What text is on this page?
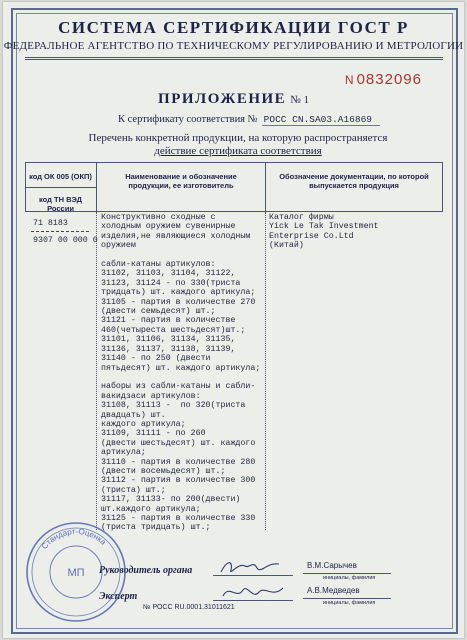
СИСТЕМА СЕРТИФИКАЦИИ ГОСТ Р
ФЕДЕРАЛЬНОЕ АГЕНТСТВО ПО ТЕХНИЧЕСКОМУ РЕГУЛИРОВАНИЮ И МЕТРОЛОГИИ
N 0832096
ПРИЛОЖЕНИЕ № 1
К сертификату соответствия № РОСС CN.SA03.A16869
Перечень конкретной продукции, на которую распространяется
действие сертификата соответствия
код ОК 005 (ОКП)
код ТН ВЭД России
Наименование и обозначение продукции, ее изготовитель
Обозначение документации, по которой выпускается продукция
71 8183
9307 00 000 0
Конструктивно сходные с
холодным оружием сувенирные
изделия,не являющиеся холодным
оружием

сабли-катаны артикулов:
31102, 31103, 31104, 31122,
31123, 31124 - по 330(триста
тридцать) шт. каждого артикула;
31105 - партия в количестве 270
(двести семьдесят) шт.;
31121 - партия в количестве
460(четыреста шестьдесят)шт.;
31101, 31106, 31134, 31135,
31136, 31137, 31138, 31139,
31140 - по 250 (двести
пятьдесят) шт. каждого артикула;

наборы из сабли-катаны и сабли-
вакидзаси артикулов:
31108, 31113 -  по 320(триста
двадцать) шт.
каждого артикула;
31109, 31111 - по 260
(двести шестьдесят) шт. каждого
артикула;
31110 - партия в количестве 280
(двести восемьдесят) шт.;
31112 - партия в количестве 300
(триста) шт.;
31117, 31133- по 200(двести)
шт.каждого артикула;
31125 - партия в количестве 330
(триста тридцать) шт.;
Каталог фирмы
Yick Le Tak Investment
Enterprise Co.Ltd
(Китай)
Руководитель органа	В.М.Сарычев
инициалы, фамилия
Эксперт
А.В.Медведев
инициалы, фамилия
№ РОСС RU.0001.31011621
Стандарт-Оценка
МП
